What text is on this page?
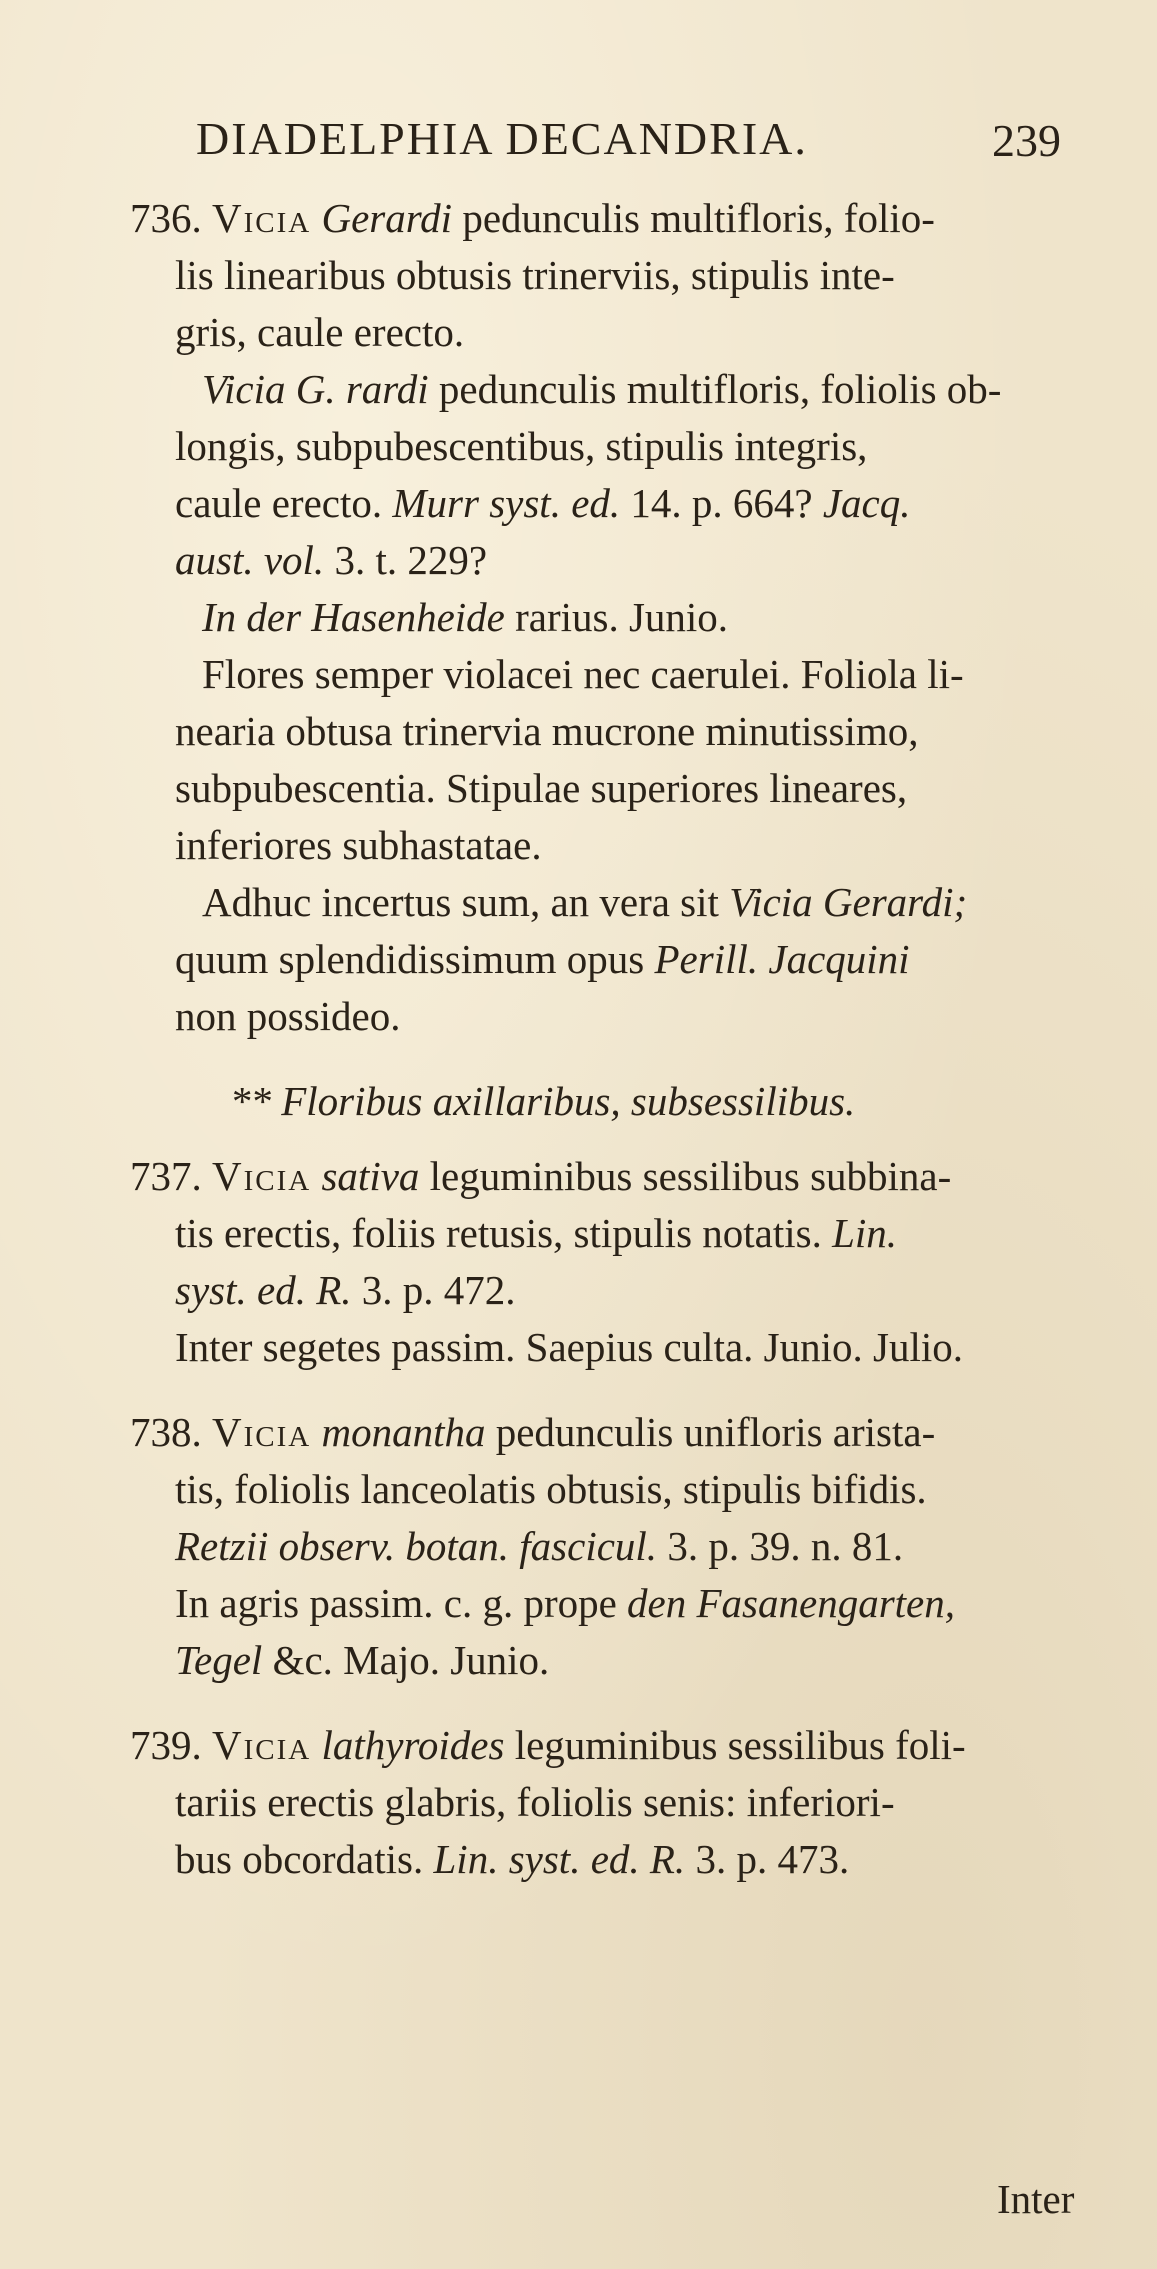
DIADELPHIA DECANDRIA.	239
736. Vicia Gerardi pedunculis multifloris, folio-
lis linearibus obtusis trinerviis, stipulis inte-
gris, caule erecto.
Vicia G. rardi pedunculis multifloris, foliolis ob-
longis, subpubescentibus, stipulis integris,
caule erecto. Murr syst. ed. 14. p. 664? Jacq.
aust. vol. 3. t. 229?
In der Hasenheide rarius. Junio.
Flores semper violacei nec caerulei. Foliola li-
nearia obtusa trinervia mucrone minutissimo,
subpubescentia. Stipulae superiores lineares,
inferiores subhastatae.
Adhuc incertus sum, an vera sit Vicia Gerardi;
quum splendidissimum opus Perill. Jacquini
non possideo.
** Floribus axillaribus, subsessilibus.
737. Vicia sativa leguminibus sessilibus subbina-
tis erectis, foliis retusis, stipulis notatis. Lin.
syst. ed. R. 3. p. 472.
Inter segetes passim. Saepius culta. Junio. Julio.
738. Vicia monantha pedunculis unifloris arista-
tis, foliolis lanceolatis obtusis, stipulis bifidis.
Retzii observ. botan. fascicul. 3. p. 39. n. 81.
In agris passim. c. g. prope den Fasanengarten,
Tegel &c. Majo. Junio.
739. Vicia lathyroides leguminibus sessilibus foli-
tariis erectis glabris, foliolis senis: inferiori-
bus obcordatis. Lin. syst. ed. R. 3. p. 473.
Inter
